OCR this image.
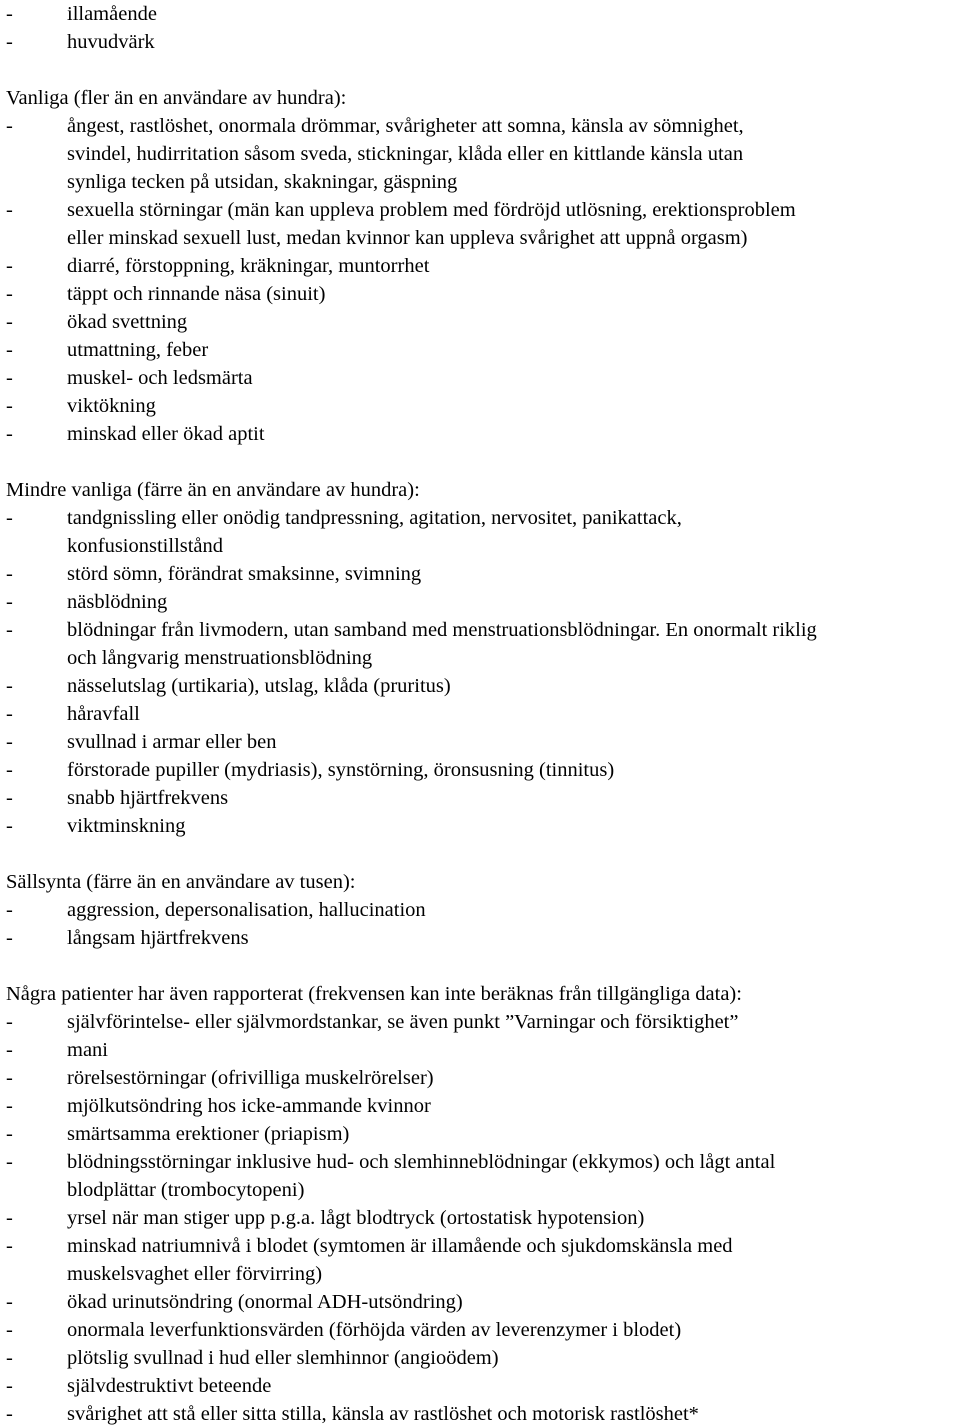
-	illamående
-	huvudvärk
Vanliga (fler än en användare av hundra):
-	ångest, rastlöshet, onormala drömmar, svårigheter att somna, känsla av sömnighet,
svindel, hudirritation såsom sveda, stickningar, klåda eller en kittlande känsla utan
synliga tecken på utsidan, skakningar, gäspning
-	sexuella störningar (män kan uppleva problem med fördröjd utlösning, erektionsproblem
eller minskad sexuell lust, medan kvinnor kan uppleva svårighet att uppnå orgasm)
-	diarré, förstoppning, kräkningar, muntorrhet
-	täppt och rinnande näsa (sinuit)
-	ökad svettning
-	utmattning, feber
-	muskel- och ledsmärta
-	viktökning
-	minskad eller ökad aptit
Mindre vanliga (färre än en användare av hundra):
-	tandgnissling eller onödig tandpressning, agitation, nervositet, panikattack,
konfusionstillstånd
-	störd sömn, förändrat smaksinne, svimning
-	näsblödning
-	blödningar från livmodern, utan samband med menstruationsblödningar. En onormalt riklig
och långvarig menstruationsblödning
-	nässelutslag (urtikaria), utslag, klåda (pruritus)
-	håravfall
-	svullnad i armar eller ben
-	förstorade pupiller (mydriasis), synstörning, öronsusning (tinnitus)
-	snabb hjärtfrekvens
-	viktminskning
Sällsynta (färre än en användare av tusen):
-	aggression, depersonalisation, hallucination
-	långsam hjärtfrekvens
Några patienter har även rapporterat (frekvensen kan inte beräknas från tillgängliga data):
-	självförintelse- eller självmordstankar, se även punkt ”Varningar och försiktighet”
-	mani
-	rörelsestörningar (ofrivilliga muskelrörelser)
-	mjölkutsöndring hos icke-ammande kvinnor
-	smärtsamma erektioner (priapism)
-	blödningsstörningar inklusive hud- och slemhinneblödningar (ekkymos) och lågt antal
blodplättar (trombocytopeni)
-	yrsel när man stiger upp p.g.a. lågt blodtryck (ortostatisk hypotension)
-	minskad natriumnivå i blodet (symtomen är illamående och sjukdomskänsla med
muskelsvaghet eller förvirring)
-	ökad urinutsöndring (onormal ADH-utsöndring)
-	onormala leverfunktionsvärden (förhöjda värden av leverenzymer i blodet)
-	plötslig svullnad i hud eller slemhinnor (angioödem)
-	självdestruktivt beteende
-	svårighet att stå eller sitta stilla, känsla av rastlöshet och motorisk rastlöshet*
